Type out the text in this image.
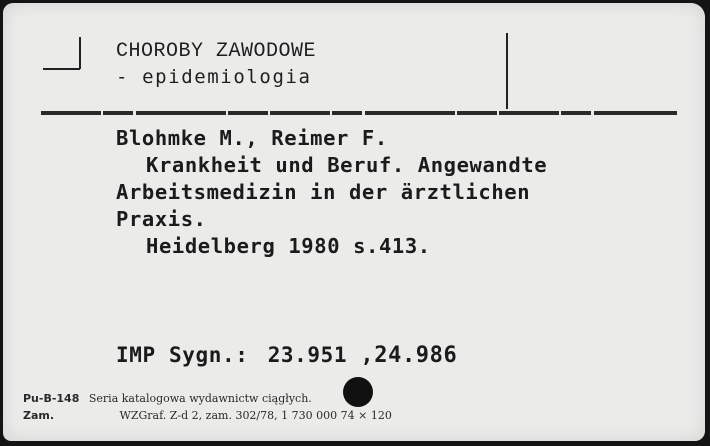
CHOROBY ZAWODOWE
- epidemiologia
Blohmke M., Reimer F.
Krankheit und Beruf. Angewandte
Arbeitsmedizin in der ärztlichen
Praxis.
Heidelberg 1980 s.413.
IMP Sygn.: 23.951 ,24.986
Pu-B-148 Seria katalogowa wydawnictw ciągłych.
Zam.	WZGraf. Z-d 2, zam. 302/78, 1 730 000 74 × 120
